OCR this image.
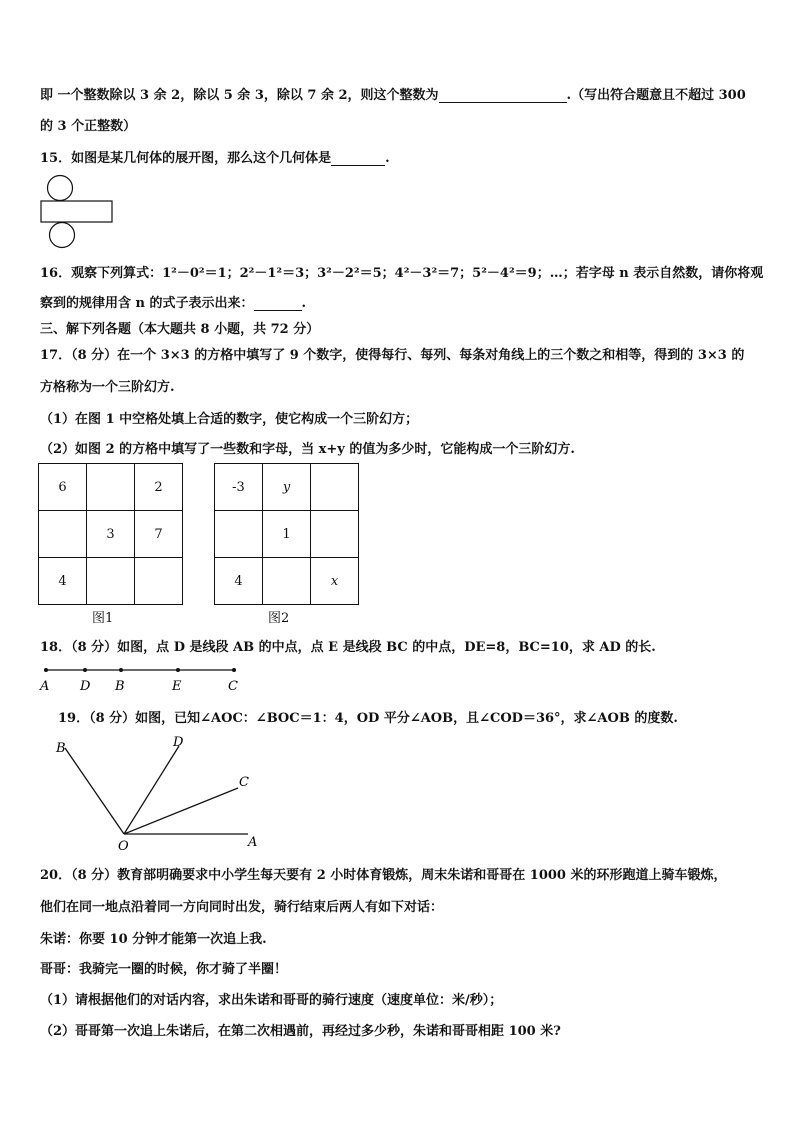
即 一个整数除以 3 余 2，除以 5 余 3，除以 7 余 2，则这个整数为	.（写出符合题意且不超过 300
的 3 个正整数）
15．如图是某几何体的展开图，那么这个几何体是	.
16．观察下列算式：1²－0²＝1；2²－1²＝3；3²－2²＝5；4²－3²＝7；5²－4²＝9；…；若字母 n 表示自然数，请你将观
察到的规律用含 n 的式子表示出来：	.
三、解下列各题（本大题共 8 小题，共 72 分）
17．（8 分）在一个 3×3 的方格中填写了 9 个数字，使得每行、每列、每条对角线上的三个数之和相等，得到的 3×3 的
方格称为一个三阶幻方.
（1）在图 1 中空格处填上合适的数字，使它构成一个三阶幻方；
（2）如图 2 的方格中填写了一些数和字母，当 x+y 的值为多少时，它能构成一个三阶幻方.
6		2
	3	7
4		
图1
-3	y	
	1	
4		x
图2
18．（8 分）如图，点 D 是线段 AB 的中点，点 E 是线段 BC 的中点，DE=8，BC=10，求 AD 的长.
A D B	E	C
19．（8 分）如图，已知∠AOC：∠BOC＝1：4，OD 平分∠AOB，且∠COD＝36°，求∠AOB 的度数.
B	D
C
O	A
20．（8 分）教育部明确要求中小学生每天要有 2 小时体育锻炼，周末朱诺和哥哥在 1000 米的环形跑道上骑车锻炼，
他们在同一地点沿着同一方向同时出发，骑行结束后两人有如下对话：
朱诺：你要 10 分钟才能第一次追上我.
哥哥：我骑完一圈的时候，你才骑了半圈！
（1）请根据他们的对话内容，求出朱诺和哥哥的骑行速度（速度单位：米/秒）；
（2）哥哥第一次追上朱诺后，在第二次相遇前，再经过多少秒，朱诺和哥哥相距 100 米?
